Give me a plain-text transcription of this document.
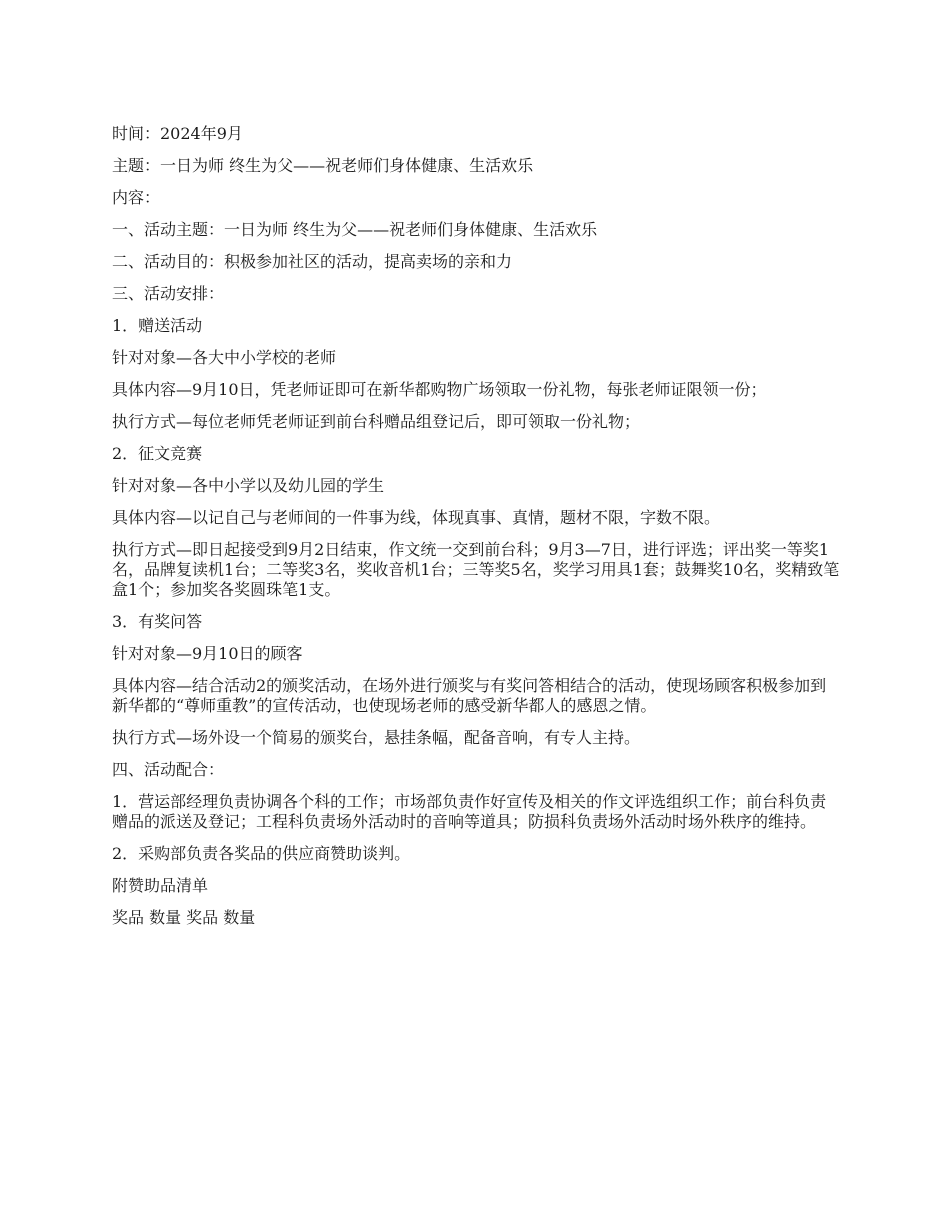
时间：2024年9月

主题：一日为师 终生为父——祝老师们身体健康、生活欢乐

内容：

一、活动主题：一日为师 终生为父——祝老师们身体健康、生活欢乐

二、活动目的：积极参加社区的活动，提高卖场的亲和力

三、活动安排：

1．赠送活动

针对对象—各大中小学校的老师

具体内容—9月10日，凭老师证即可在新华都购物广场领取一份礼物，每张老师证限领一份；

执行方式—每位老师凭老师证到前台科赠品组登记后，即可领取一份礼物；

2．征文竞赛

针对对象—各中小学以及幼儿园的学生

具体内容—以记自己与老师间的一件事为线，体现真事、真情，题材不限，字数不限。

执行方式—即日起接受到9月2日结束，作文统一交到前台科；9月3—7日，进行评选；评出奖一等奖1名，品牌复读机1台；二等奖3名，奖收音机1台；三等奖5名，奖学习用具1套；鼓舞奖10名，奖精致笔盒1个；参加奖各奖圆珠笔1支。

3．有奖问答

针对对象—9月10日的顾客

具体内容—结合活动2的颁奖活动，在场外进行颁奖与有奖问答相结合的活动，使现场顾客积极参加到新华都的“尊师重教”的宣传活动，也使现场老师的感受新华都人的感恩之情。

执行方式—场外设一个简易的颁奖台，悬挂条幅，配备音响，有专人主持。

四、活动配合：

1．营运部经理负责协调各个科的工作；市场部负责作好宣传及相关的作文评选组织工作；前台科负责赠品的派送及登记；工程科负责场外活动时的音响等道具；防损科负责场外活动时场外秩序的维持。

2．采购部负责各奖品的供应商赞助谈判。

附赞助品清单

奖品 数量 奖品 数量
